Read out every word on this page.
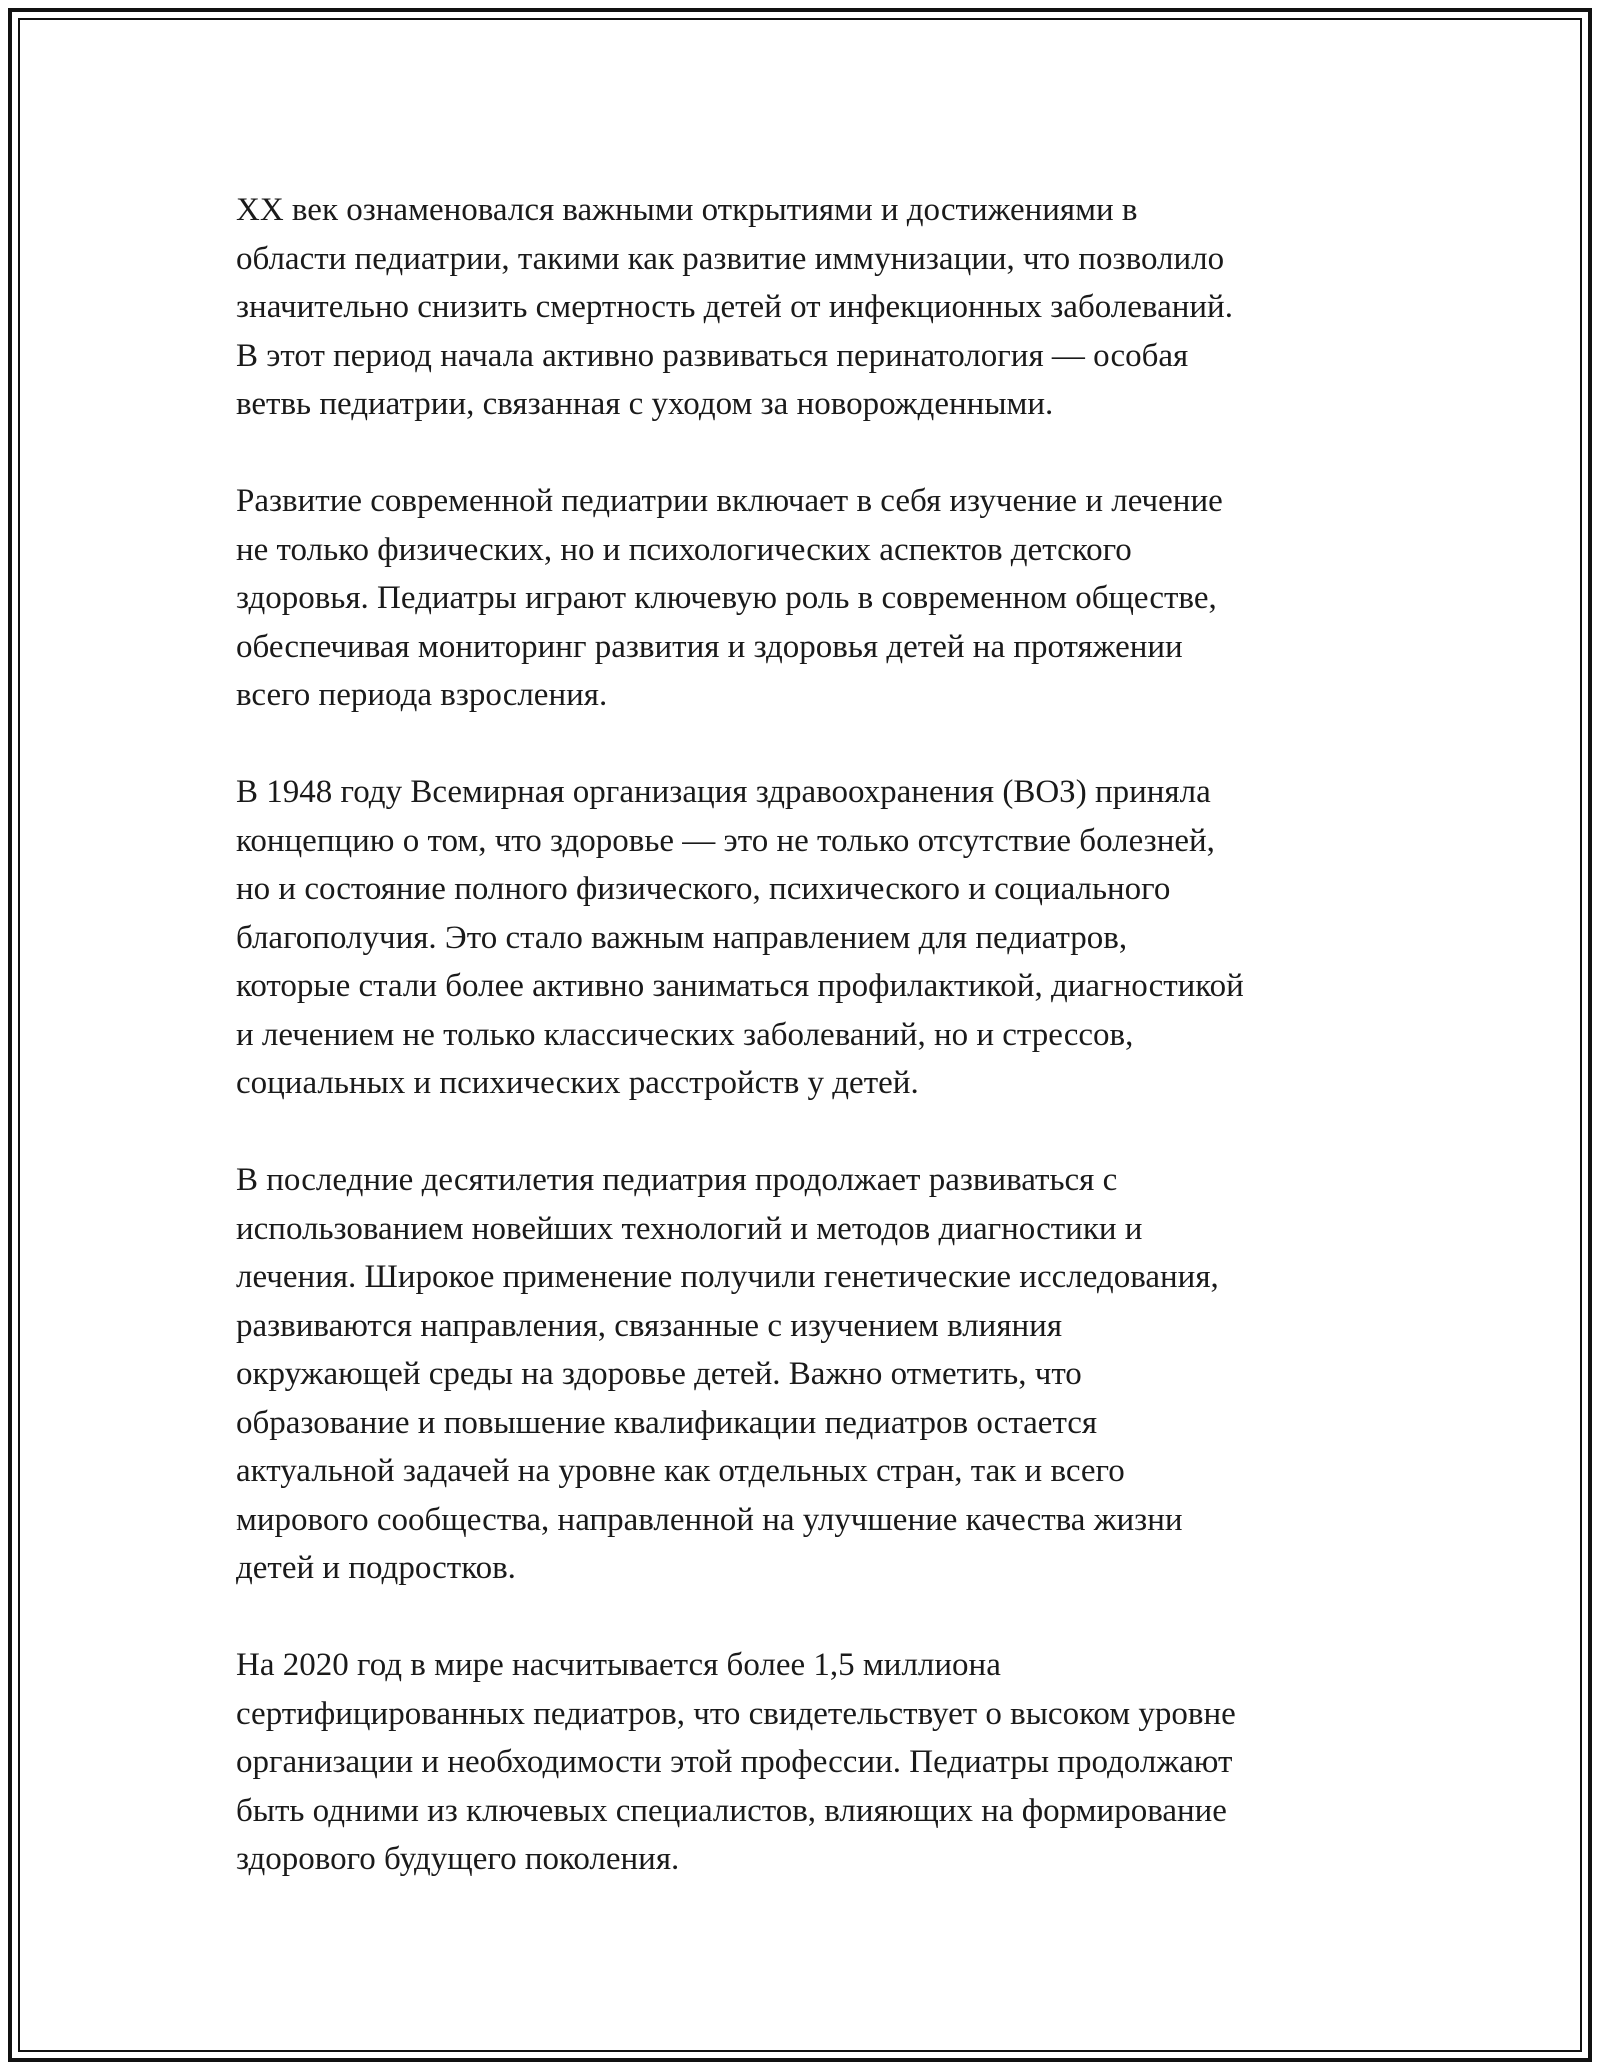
XX век ознаменовался важными открытиями и достижениями в
области педиатрии, такими как развитие иммунизации, что позволило
значительно снизить смертность детей от инфекционных заболеваний.
В этот период начала активно развиваться перинатология — особая
ветвь педиатрии, связанная с уходом за новорожденными.

Развитие современной педиатрии включает в себя изучение и лечение
не только физических, но и психологических аспектов детского
здоровья. Педиатры играют ключевую роль в современном обществе,
обеспечивая мониторинг развития и здоровья детей на протяжении
всего периода взросления.

В 1948 году Всемирная организация здравоохранения (ВОЗ) приняла
концепцию о том, что здоровье — это не только отсутствие болезней,
но и состояние полного физического, психического и социального
благополучия. Это стало важным направлением для педиатров,
которые стали более активно заниматься профилактикой, диагностикой
и лечением не только классических заболеваний, но и стрессов,
социальных и психических расстройств у детей.

В последние десятилетия педиатрия продолжает развиваться с
использованием новейших технологий и методов диагностики и
лечения. Широкое применение получили генетические исследования,
развиваются направления, связанные с изучением влияния
окружающей среды на здоровье детей. Важно отметить, что
образование и повышение квалификации педиатров остается
актуальной задачей на уровне как отдельных стран, так и всего
мирового сообщества, направленной на улучшение качества жизни
детей и подростков.

На 2020 год в мире насчитывается более 1,5 миллиона
сертифицированных педиатров, что свидетельствует о высоком уровне
организации и необходимости этой профессии. Педиатры продолжают
быть одними из ключевых специалистов, влияющих на формирование
здорового будущего поколения.
